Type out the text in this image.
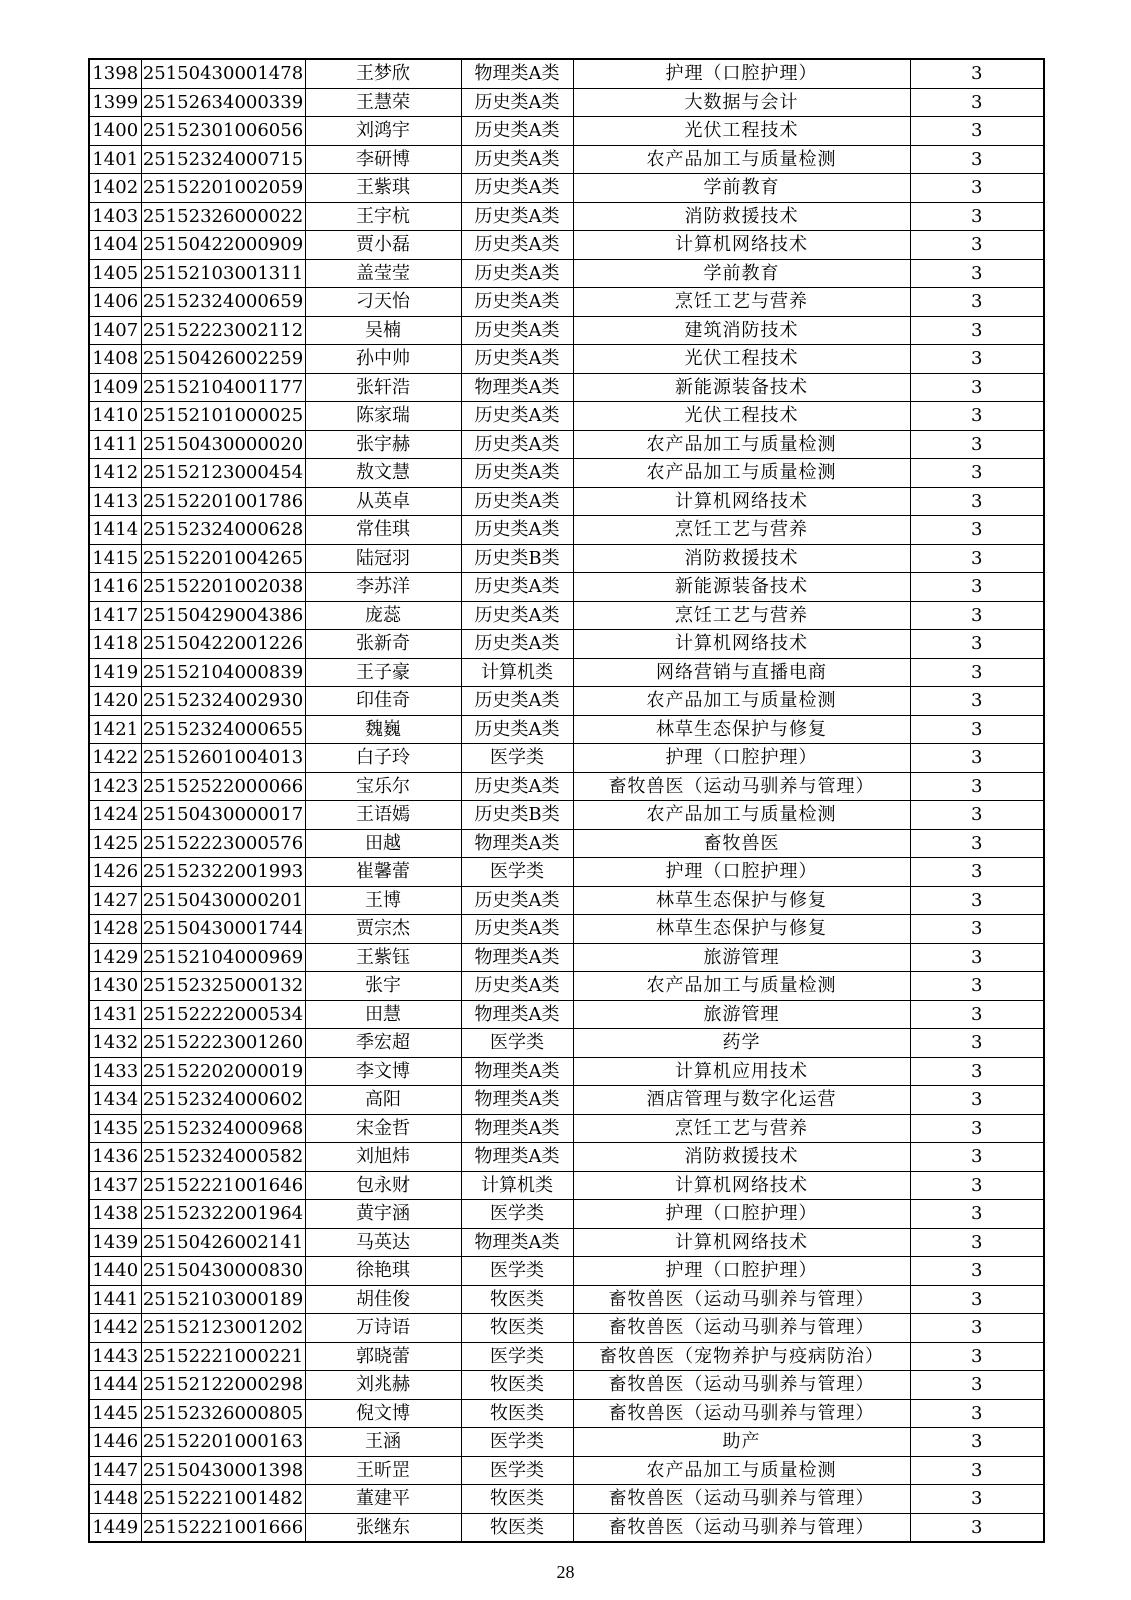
1398	25150430001478	王梦欣	物理类A类	护理（口腔护理）	3
1399	25152634000339	王慧荣	历史类A类	大数据与会计	3
1400	25152301006056	刘鸿宇	历史类A类	光伏工程技术	3
1401	25152324000715	李研博	历史类A类	农产品加工与质量检测	3
1402	25152201002059	王紫琪	历史类A类	学前教育	3
1403	25152326000022	王宇杭	历史类A类	消防救援技术	3
1404	25150422000909	贾小磊	历史类A类	计算机网络技术	3
1405	25152103001311	盖莹莹	历史类A类	学前教育	3
1406	25152324000659	刁天怡	历史类A类	烹饪工艺与营养	3
1407	25152223002112	吴楠	历史类A类	建筑消防技术	3
1408	25150426002259	孙中帅	历史类A类	光伏工程技术	3
1409	25152104001177	张轩浩	物理类A类	新能源装备技术	3
1410	25152101000025	陈家瑞	历史类A类	光伏工程技术	3
1411	25150430000020	张宇赫	历史类A类	农产品加工与质量检测	3
1412	25152123000454	敖文慧	历史类A类	农产品加工与质量检测	3
1413	25152201001786	从英卓	历史类A类	计算机网络技术	3
1414	25152324000628	常佳琪	历史类A类	烹饪工艺与营养	3
1415	25152201004265	陆冠羽	历史类B类	消防救援技术	3
1416	25152201002038	李苏洋	历史类A类	新能源装备技术	3
1417	25150429004386	庞蕊	历史类A类	烹饪工艺与营养	3
1418	25150422001226	张新奇	历史类A类	计算机网络技术	3
1419	25152104000839	王子豪	计算机类	网络营销与直播电商	3
1420	25152324002930	印佳奇	历史类A类	农产品加工与质量检测	3
1421	25152324000655	魏巍	历史类A类	林草生态保护与修复	3
1422	25152601004013	白子玲	医学类	护理（口腔护理）	3
1423	25152522000066	宝乐尔	历史类A类	畜牧兽医（运动马驯养与管理）	3
1424	25150430000017	王语嫣	历史类B类	农产品加工与质量检测	3
1425	25152223000576	田越	物理类A类	畜牧兽医	3
1426	25152322001993	崔馨蕾	医学类	护理（口腔护理）	3
1427	25150430000201	王博	历史类A类	林草生态保护与修复	3
1428	25150430001744	贾宗杰	历史类A类	林草生态保护与修复	3
1429	25152104000969	王紫钰	物理类A类	旅游管理	3
1430	25152325000132	张宇	历史类A类	农产品加工与质量检测	3
1431	25152222000534	田慧	物理类A类	旅游管理	3
1432	25152223001260	季宏超	医学类	药学	3
1433	25152202000019	李文博	物理类A类	计算机应用技术	3
1434	25152324000602	高阳	物理类A类	酒店管理与数字化运营	3
1435	25152324000968	宋金哲	物理类A类	烹饪工艺与营养	3
1436	25152324000582	刘旭炜	物理类A类	消防救援技术	3
1437	25152221001646	包永财	计算机类	计算机网络技术	3
1438	25152322001964	黄宇涵	医学类	护理（口腔护理）	3
1439	25150426002141	马英达	物理类A类	计算机网络技术	3
1440	25150430000830	徐艳琪	医学类	护理（口腔护理）	3
1441	25152103000189	胡佳俊	牧医类	畜牧兽医（运动马驯养与管理）	3
1442	25152123001202	万诗语	牧医类	畜牧兽医（运动马驯养与管理）	3
1443	25152221000221	郭晓蕾	医学类	畜牧兽医（宠物养护与疫病防治）	3
1444	25152122000298	刘兆赫	牧医类	畜牧兽医（运动马驯养与管理）	3
1445	25152326000805	倪文博	牧医类	畜牧兽医（运动马驯养与管理）	3
1446	25152201000163	王涵	医学类	助产	3
1447	25150430001398	王昕罡	医学类	农产品加工与质量检测	3
1448	25152221001482	董建平	牧医类	畜牧兽医（运动马驯养与管理）	3
1449	25152221001666	张继东	牧医类	畜牧兽医（运动马驯养与管理）	3
28
